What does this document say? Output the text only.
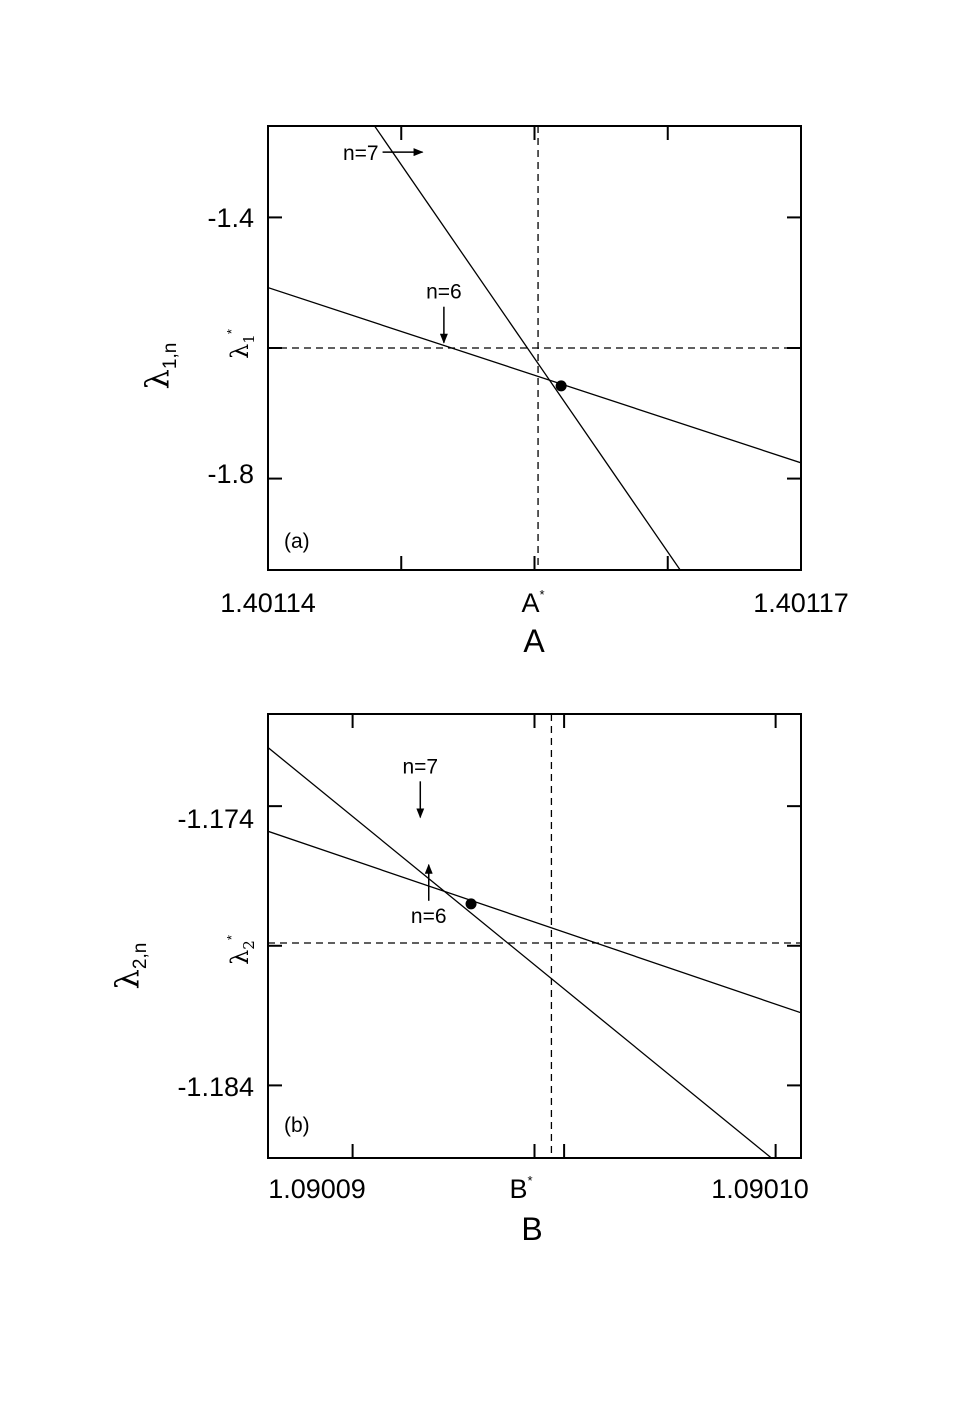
n=7
n=6
(a)
1.40114	A*	1.40117
-1.4
-1.8
$\lambda_1^*$
A
$\lambda_{1,n}$
n=7
n=6
(b)
1.09009	B*	1.09010
-1.174
-1.184
$\lambda_2^*$
B
$\lambda_{2,n}$
